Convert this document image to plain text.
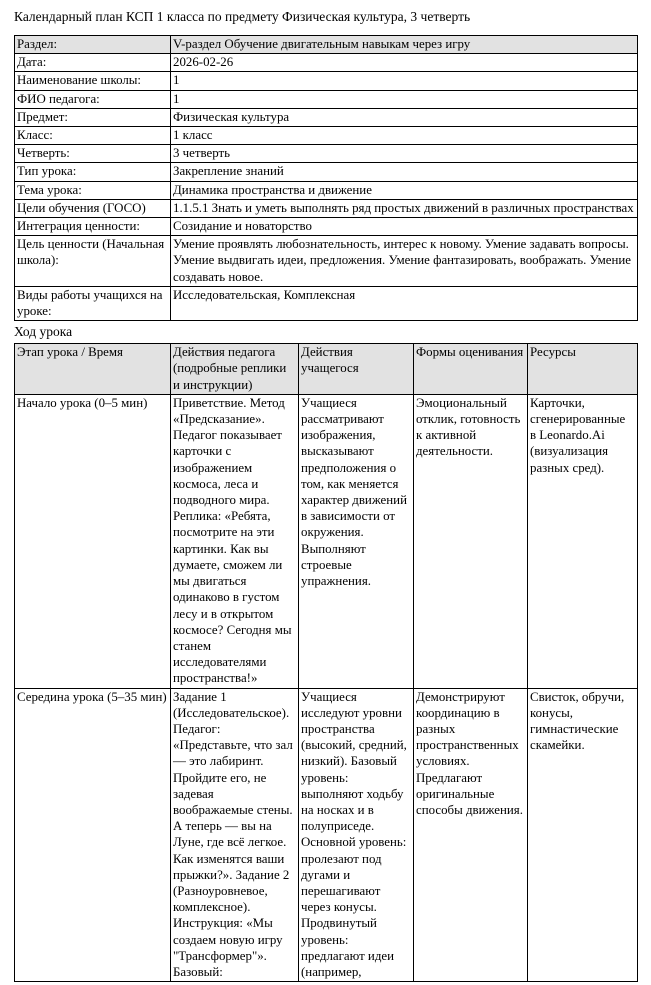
Календарный план КСП 1 класса по предмету Физическая культура, 3 четверть

Раздел:	V-раздел Обучение двигательным навыкам через игру
Дата:	2026-02-26
Наименование школы:	1
ФИО педагога:	1
Предмет:	Физическая культура
Класс:	1 класс
Четверть:	3 четверть
Тип урока:	Закрепление знаний
Тема урока:	Динамика пространства и движение
Цели обучения (ГОСО)	1.1.5.1 Знать и уметь выполнять ряд простых движений в различных пространствах
Интеграция ценности:	Созидание и новаторство
Цель ценности (Начальная школа):	Умение проявлять любознательность, интерес к новому. Умение задавать вопросы. Умение выдвигать идеи, предложения. Умение фантазировать, воображать. Умение создавать новое.
Виды работы учащихся на уроке:	Исследовательская, Комплексная

Ход урока

Этап урока / Время	Действия педагога (подробные реплики и инструкции)	Действия учащегося	Формы оценивания	Ресурсы
Начало урока (0–5 мин)	Приветствие. Метод «Предсказание». Педагог показывает карточки с изображением космоса, леса и подводного мира. Реплика: «Ребята, посмотрите на эти картинки. Как вы думаете, сможем ли мы двигаться одинаково в густом лесу и в открытом космосе? Сегодня мы станем исследователями пространства!»	Учащиеся рассматривают изображения, высказывают предположения о том, как меняется характер движений в зависимости от окружения. Выполняют строевые упражнения.	Эмоциональный отклик, готовность к активной деятельности.	Карточки, сгенерированные в Leonardo.Ai (визуализация разных сред).
Середина урока (5–35 мин)	Задание 1 (Исследовательское). Педагог: «Представьте, что зал — это лабиринт. Пройдите его, не задевая воображаемые стены. А теперь — вы на Луне, где всё легкое. Как изменятся ваши прыжки?». Задание 2 (Разноуровневое, комплексное). Инструкция: «Мы создаем новую игру "Трансформер"». Базовый:	Учащиеся исследуют уровни пространства (высокий, средний, низкий). Базовый уровень: выполняют ходьбу на носках и в полуприседе. Основной уровень: пролезают под дугами и перешагивают через конусы. Продвинутый уровень: предлагают идеи (например,	Демонстрируют координацию в разных пространственных условиях. Предлагают оригинальные способы движения.	Свисток, обручи, конусы, гимнастические скамейки.
